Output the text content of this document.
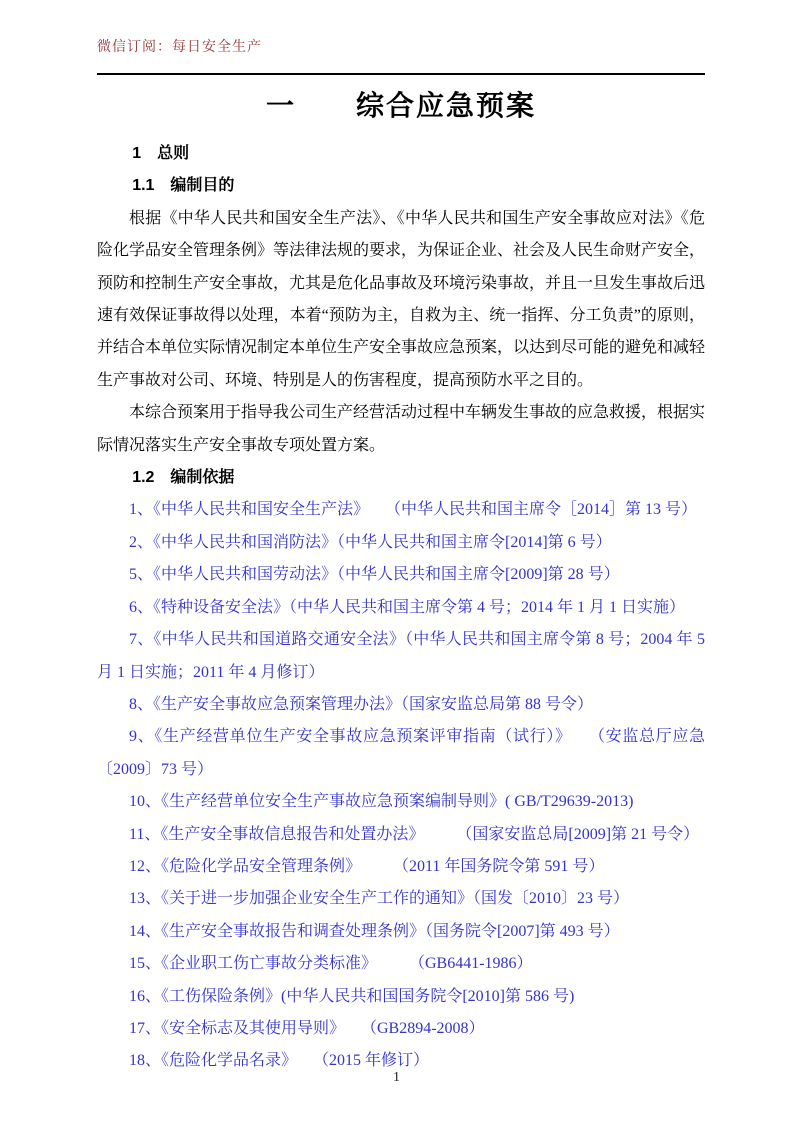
微信订阅：每日安全生产
一　　综合应急预案

1　总则

1.1　编制目的

根据《中华人民共和国安全生产法》、《中华人民共和国生产安全事故应对法》《危险化学品安全管理条例》等法律法规的要求，为保证企业、社会及人民生命财产安全，预防和控制生产安全事故，尤其是危化品事故及环境污染事故，并且一旦发生事故后迅速有效保证事故得以处理，本着“预防为主，自救为主、统一指挥、分工负责”的原则，并结合本单位实际情况制定本单位生产安全事故应急预案，以达到尽可能的避免和减轻生产事故对公司、环境、特别是人的伤害程度，提高预防水平之目的。

本综合预案用于指导我公司生产经营活动过程中车辆发生事故的应急救援，根据实际情况落实生产安全事故专项处置方案。

1.2　编制依据

1、《中华人民共和国安全生产法》　　（中华人民共和国主席令［2014］第 13 号）

2、《中华人民共和国消防法》（中华人民共和国主席令[2014]第 6 号）

5、《中华人民共和国劳动法》（中华人民共和国主席令[2009]第 28 号）

6、《特种设备安全法》（中华人民共和国主席令第 4 号；2014 年 1 月 1 日实施）

7、《中华人民共和国道路交通安全法》（中华人民共和国主席令第 8 号；2004 年 5 月 1 日实施；2011 年 4 月修订）

8、《生产安全事故应急预案管理办法》（国家安监总局第 88 号令）

9、《生产经营单位生产安全事故应急预案评审指南（试行）》　　（安监总厅应急〔2009〕73 号）

10、《生产经营单位安全生产事故应急预案编制导则》( GB/T29639-2013)

11、《生产安全事故信息报告和处置办法》　　　（国家安监总局[2009]第 21 号令）

12、《危险化学品安全管理条例》　　　（2011 年国务院令第 591 号）

13、《关于进一步加强企业安全生产工作的通知》（国发〔2010〕23 号）

14、《生产安全事故报告和调查处理条例》（国务院令[2007]第 493 号）

15、《企业职工伤亡事故分类标准》　　　（GB6441-1986）

16、《工伤保险条例》(中华人民共和国国务院令[2010]第 586 号)

17、《安全标志及其使用导则》　　（GB2894-2008）

18、《危险化学品名录》　　（2015 年修订）

1
